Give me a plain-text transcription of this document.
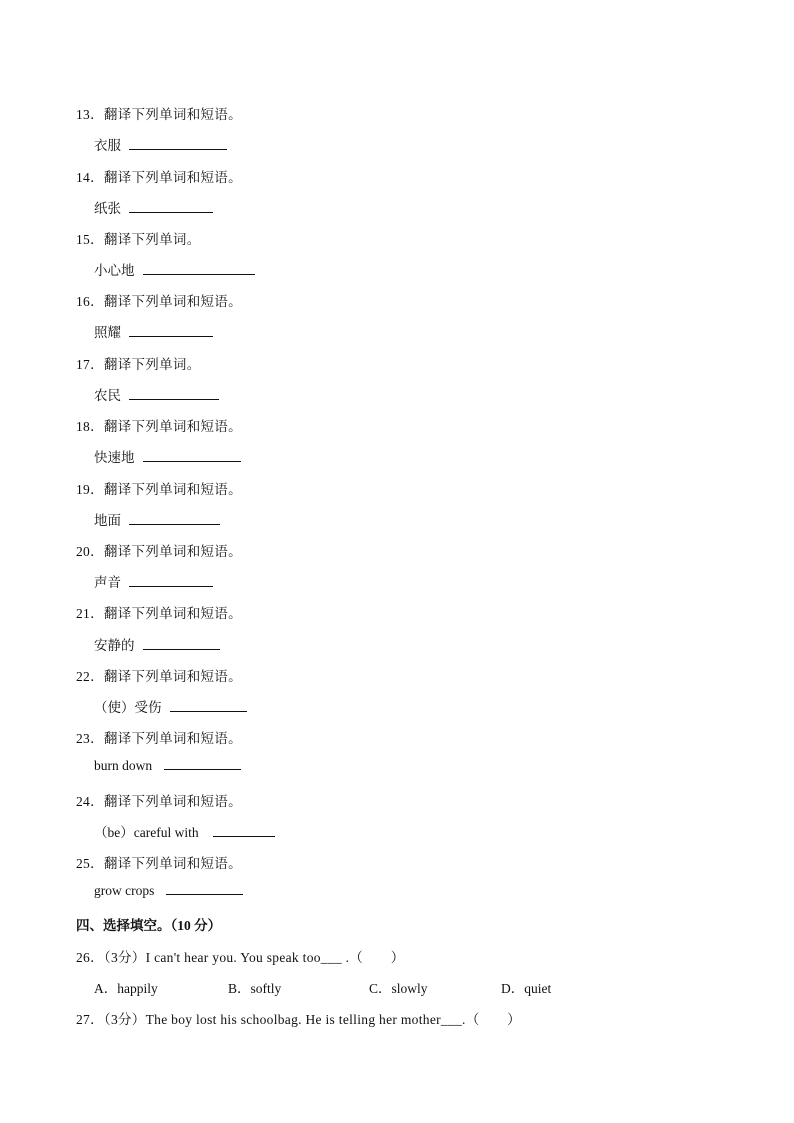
13．翻译下列单词和短语。
衣服
14．翻译下列单词和短语。
纸张
15．翻译下列单词。
小心地
16．翻译下列单词和短语。
照耀
17．翻译下列单词。
农民
18．翻译下列单词和短语。
快速地
19．翻译下列单词和短语。
地面
20．翻译下列单词和短语。
声音
21．翻译下列单词和短语。
安静的
22．翻译下列单词和短语。
（使）受伤
23．翻译下列单词和短语。
burn down
24．翻译下列单词和短语。
（be）careful with
25．翻译下列单词和短语。
grow crops
四、选择填空。（10 分）
26．（3分）I can't hear you. You speak too___ .（　　）
A．happily	B．softly	C．slowly	D．quiet
27．（3分）The boy lost his schoolbag. He is telling her mother___.（　　）
